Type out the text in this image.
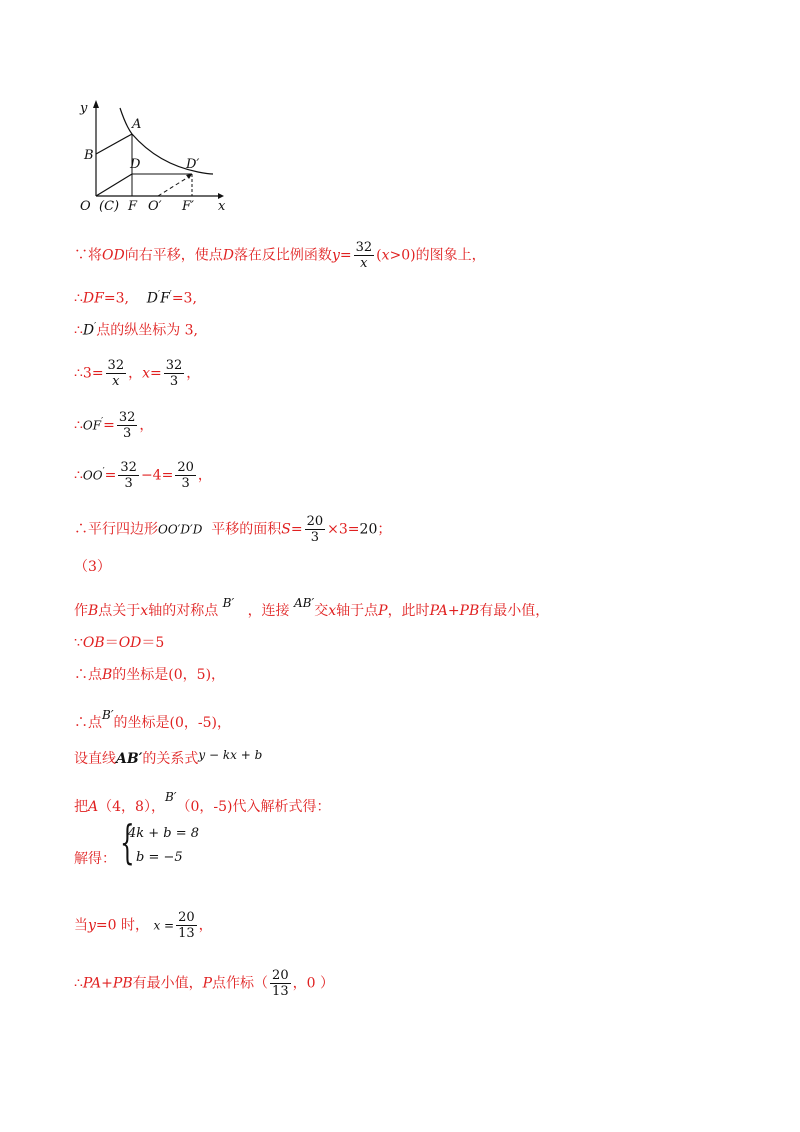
y
x
A
B
D	D′
O (C) F O′ F′
∵将OD向右平移，使点D落在反比例函数$y= \frac{32}{x} (x>0)$的图象上，
∴DF=3, D′F′=3,
∴D′点的纵坐标为 3,
∴3= $\frac{32}{x}$ ，$x= \frac{32}{3}$ ，
∴OF′= $\frac{32}{3}$ ，
∴OO′= $\frac{32}{3} -4= \frac{20}{3}$ ，
∴平行四边形OO′D′D 平移的面积$S= \frac{20}{3} \times 3=20$；
（3）
作B点关于x轴的对称点 B′ ，连接 AB′交x轴于点P，此时PA+PB有最小值，
∵OB＝OD＝5
∴点B的坐标是(0，5)，
∴点B′的坐标是(0，-5)，
设直线AB′的关系式y − kx + b
把A（4，8），B′（0，-5)代入解析式得：
解得： {
4k + b = 8
b = −5
当y=0 时， $x = \frac{20}{13}$ ，
∴PA+PB有最小值，P点作标（ $\frac{20}{13}$ ，0 ）
